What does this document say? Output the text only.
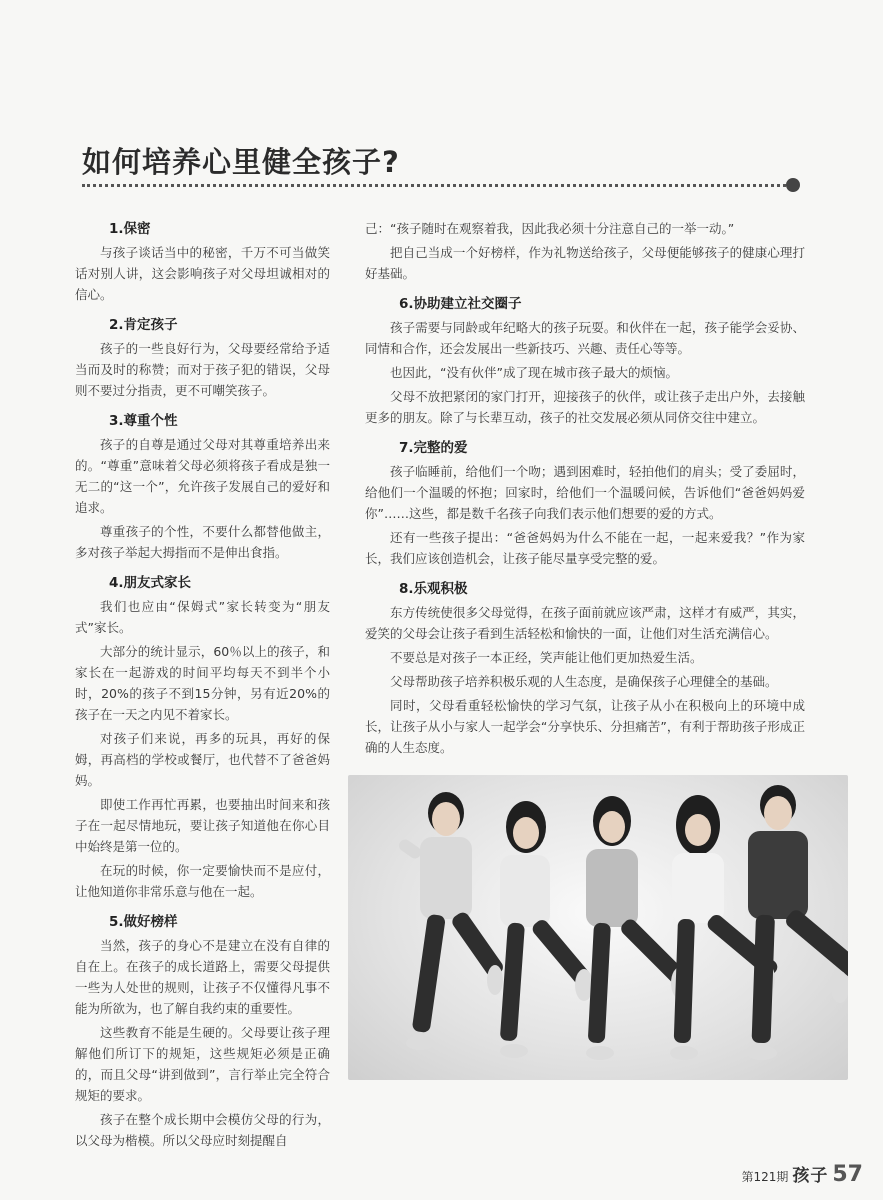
如何培养心里健全孩子?
1.保密

与孩子谈话当中的秘密，千万不可当做笑话对别人讲，这会影响孩子对父母坦诚相对的信心。

2.肯定孩子

孩子的一些良好行为，父母要经常给予适当而及时的称赞；而对于孩子犯的错误，父母则不要过分指责，更不可嘲笑孩子。

3.尊重个性

孩子的自尊是通过父母对其尊重培养出来的。“尊重”意味着父母必须将孩子看成是独一无二的“这一个”，允许孩子发展自己的爱好和追求。

尊重孩子的个性，不要什么都替他做主，多对孩子举起大拇指而不是伸出食指。

4.朋友式家长

我们也应由“保姆式”家长转变为“朋友式”家长。

大部分的统计显示，60％以上的孩子，和家长在一起游戏的时间平均每天不到半个小时，20%的孩子不到15分钟，另有近20%的孩子在一天之内见不着家长。

对孩子们来说，再多的玩具，再好的保姆，再高档的学校或餐厅，也代替不了爸爸妈妈。

即使工作再忙再累，也要抽出时间来和孩子在一起尽情地玩，要让孩子知道他在你心目中始终是第一位的。

在玩的时候，你一定要愉快而不是应付，让他知道你非常乐意与他在一起。

5.做好榜样

当然，孩子的身心不是建立在没有自律的自在上。在孩子的成长道路上，需要父母提供一些为人处世的规则，让孩子不仅懂得凡事不能为所欲为，也了解自我约束的重要性。

这些教育不能是生硬的。父母要让孩子理解他们所订下的规矩，这些规矩必须是正确的，而且父母“讲到做到”，言行举止完全符合规矩的要求。

孩子在整个成长期中会模仿父母的行为，以父母为楷模。所以父母应时刻提醒自

己：“孩子随时在观察着我，因此我必须十分注意自己的一举一动。”

把自己当成一个好榜样，作为礼物送给孩子，父母便能够孩子的健康心理打好基础。

6.协助建立社交圈子

孩子需要与同龄或年纪略大的孩子玩耍。和伙伴在一起，孩子能学会妥协、同情和合作，还会发展出一些新技巧、兴趣、责任心等等。

也因此，“没有伙伴”成了现在城市孩子最大的烦恼。

父母不放把紧闭的家门打开，迎接孩子的伙伴，或让孩子走出户外，去接触更多的朋友。除了与长辈互动，孩子的社交发展必须从同侪交往中建立。

7.完整的爱

孩子临睡前，给他们一个吻；遇到困难时，轻拍他们的肩头；受了委屈时，给他们一个温暖的怀抱；回家时，给他们一个温暖问候，告诉他们“爸爸妈妈爱你”……这些，都是数千名孩子向我们表示他们想要的爱的方式。

还有一些孩子提出：“爸爸妈妈为什么不能在一起，一起来爱我？”作为家长，我们应该创造机会，让孩子能尽量享受完整的爱。

8.乐观积极

东方传统使很多父母觉得，在孩子面前就应该严肃，这样才有威严，其实，爱笑的父母会让孩子看到生活轻松和愉快的一面，让他们对生活充满信心。

不要总是对孩子一本正经，笑声能让他们更加热爱生活。

父母帮助孩子培养积极乐观的人生态度，是确保孩子心理健全的基础。

同时，父母看重轻松愉快的学习气氛，让孩子从小在积极向上的环境中成长，让孩子从小与家人一起学会“分享快乐、分担痛苦”，有利于帮助孩子形成正确的人生态度。

第121期 孩子 57
